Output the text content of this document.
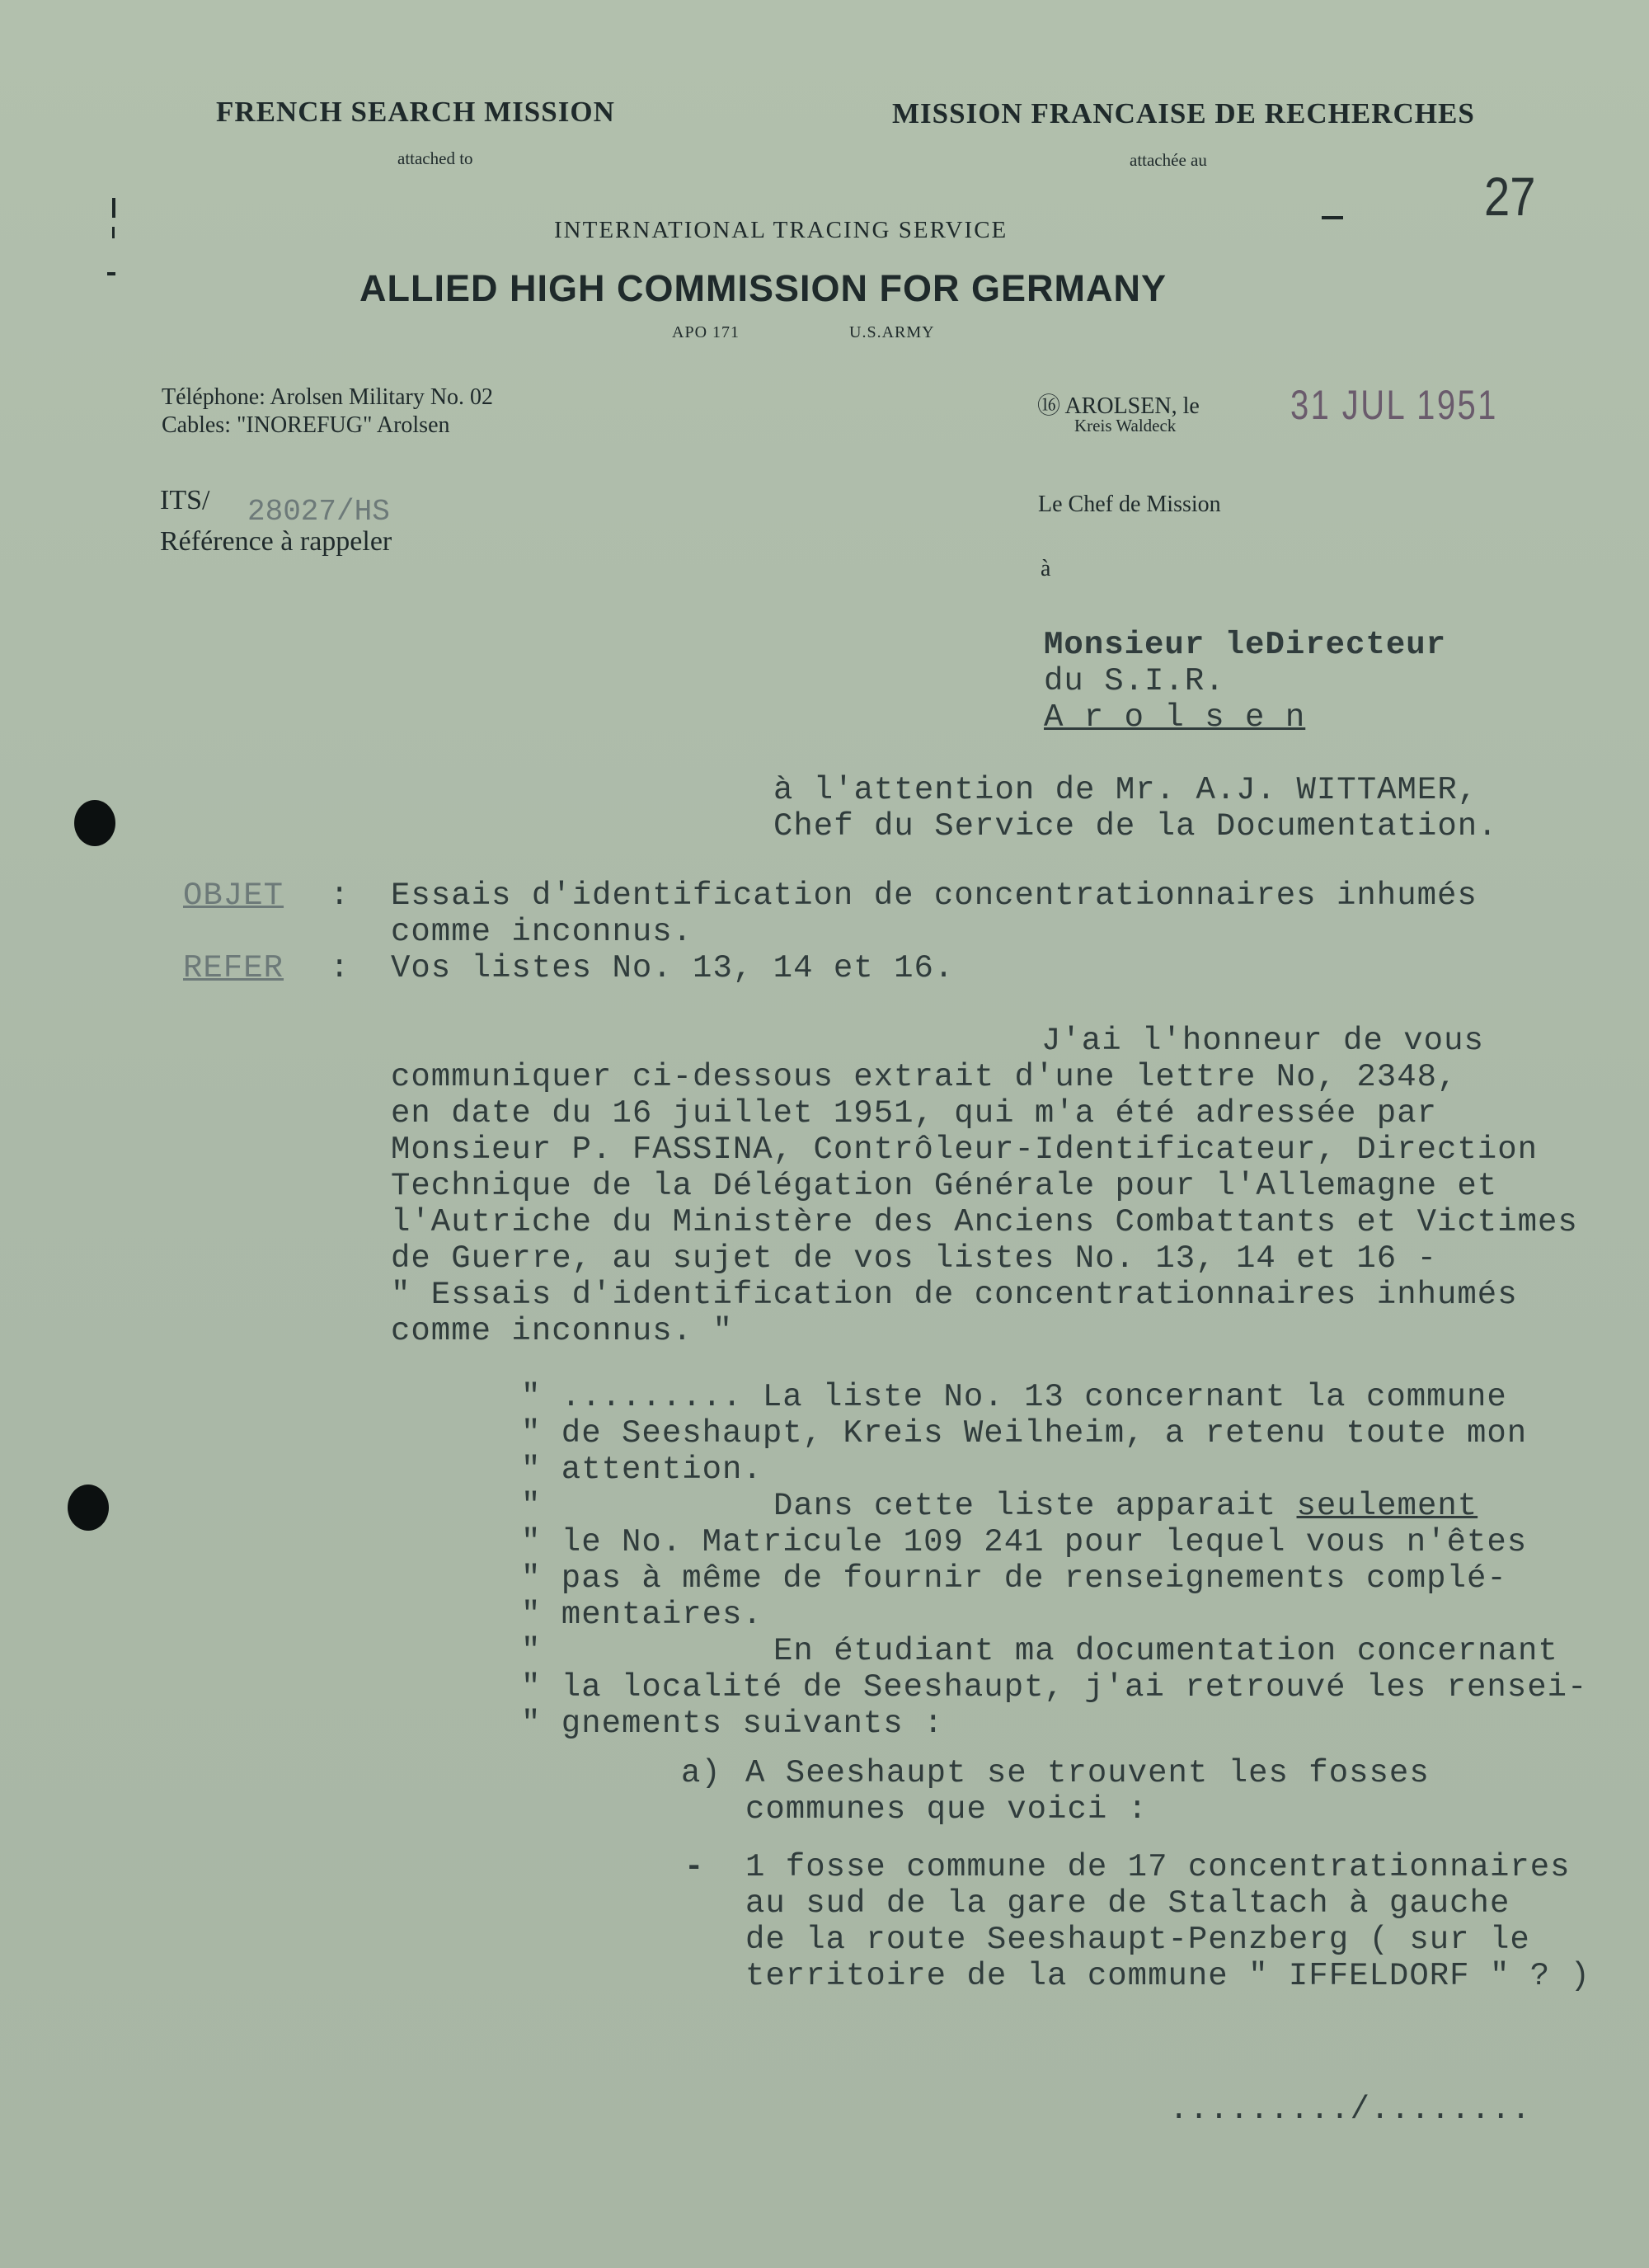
FRENCH SEARCH MISSION
attached to
MISSION FRANCAISE DE RECHERCHES
attachée au
27
INTERNATIONAL TRACING SERVICE
ALLIED HIGH COMMISSION FOR GERMANY
APO 171	U.S.ARMY
Téléphone: Arolsen Military No. 02
Cables: "INOREFUG" Arolsen
⑯ AROLSEN, le
Kreis Waldeck	31 JUL 1951
ITS/ 28027/HS
Référence à rappeler
Le Chef de Mission
à
Monsieur leDirecteur
du S.I.R.
A r o l s e n
à l'attention de Mr. A.J. WITTAMER,
Chef du Service de la Documentation.
OBJET : Essais d'identification de concentrationnaires inhumés
comme inconnus.
REFER : Vos listes No. 13, 14 et 16.
J'ai l'honneur de vous
communiquer ci-dessous extrait d'une lettre No, 2348,
en date du 16 juillet 1951, qui m'a été adressée par
Monsieur P. FASSINA, Contrôleur-Identificateur, Direction
Technique de la Délégation Générale pour l'Allemagne et
l'Autriche du Ministère des Anciens Combattants et Victimes
de Guerre, au sujet de vos listes No. 13, 14 et 16 -
" Essais d'identification de concentrationnaires inhumés
comme inconnus. "
" ......... La liste No. 13 concernant la commune
" de Seeshaupt, Kreis Weilheim, a retenu toute mon
" attention.
"	Dans cette liste apparait seulement
" le No. Matricule 109 241 pour lequel vous n'êtes
" pas à même de fournir de renseignements complé-
" mentaires.
"	En étudiant ma documentation concernant
" la localité de Seeshaupt, j'ai retrouvé les rensei-
" gnements suivants :
a) A Seeshaupt se trouvent les fosses
communes que voici :
- 1 fosse commune de 17 concentrationnaires
au sud de la gare de Staltach à gauche
de la route Seeshaupt-Penzberg ( sur le
territoire de la commune " IFFELDORF " ? )
........./........
